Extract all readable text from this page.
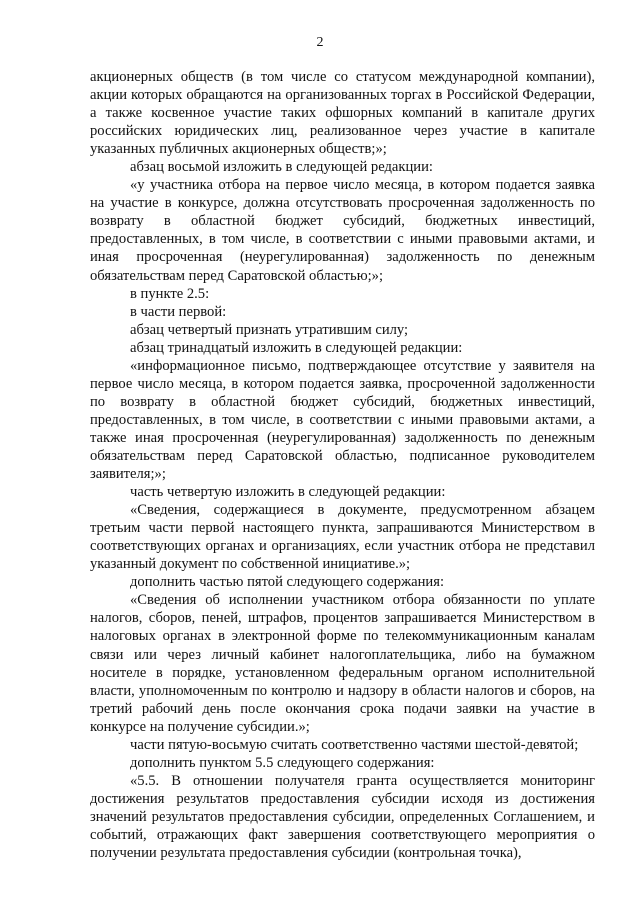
2

акционерных обществ (в том числе со статусом международной компании), акции которых обращаются на организованных торгах в Российской Федерации, а также косвенное участие таких офшорных компаний в капитале других российских юридических лиц, реализованное через участие в капитале указанных публичных акционерных обществ;»;

абзац восьмой изложить в следующей редакции:

«у участника отбора на первое число месяца, в котором подается заявка на участие в конкурсе, должна отсутствовать просроченная задолженность по возврату в областной бюджет субсидий, бюджетных инвестиций, предоставленных, в том числе, в соответствии с иными правовыми актами, и иная просроченная (неурегулированная) задолженность по денежным обязательствам перед Саратовской областью;»;

в пункте 2.5:

в части первой:

абзац четвертый признать утратившим силу;

абзац тринадцатый изложить в следующей редакции:

«информационное письмо, подтверждающее отсутствие у заявителя на первое число месяца, в котором подается заявка, просроченной задолженности по возврату в областной бюджет субсидий, бюджетных инвестиций, предоставленных, в том числе, в соответствии с иными правовыми актами, а также иная просроченная (неурегулированная) задолженность по денежным обязательствам перед Саратовской областью, подписанное руководителем заявителя;»;

часть четвертую изложить в следующей редакции:

«Сведения, содержащиеся в документе, предусмотренном абзацем третьим части первой настоящего пункта, запрашиваются Министерством в соответствующих органах и организациях, если участник отбора не представил указанный документ по собственной инициативе.»;

дополнить частью пятой следующего содержания:

«Сведения об исполнении участником отбора обязанности по уплате налогов, сборов, пеней, штрафов, процентов запрашивается Министерством в налоговых органах в электронной форме по телекоммуникационным каналам связи или через личный кабинет налогоплательщика, либо на бумажном носителе в порядке, установленном федеральным органом исполнительной власти, уполномоченным по контролю и надзору в области налогов и сборов, на третий рабочий день после окончания срока подачи заявки на участие в конкурсе на получение субсидии.»;

части пятую-восьмую считать соответственно частями шестой-девятой;

дополнить пунктом 5.5 следующего содержания:

«5.5. В отношении получателя гранта осуществляется мониторинг достижения результатов предоставления субсидии исходя из достижения значений результатов предоставления субсидии, определенных Соглашением, и событий, отражающих факт завершения соответствующего мероприятия о получении результата предоставления субсидии (контрольная точка),
